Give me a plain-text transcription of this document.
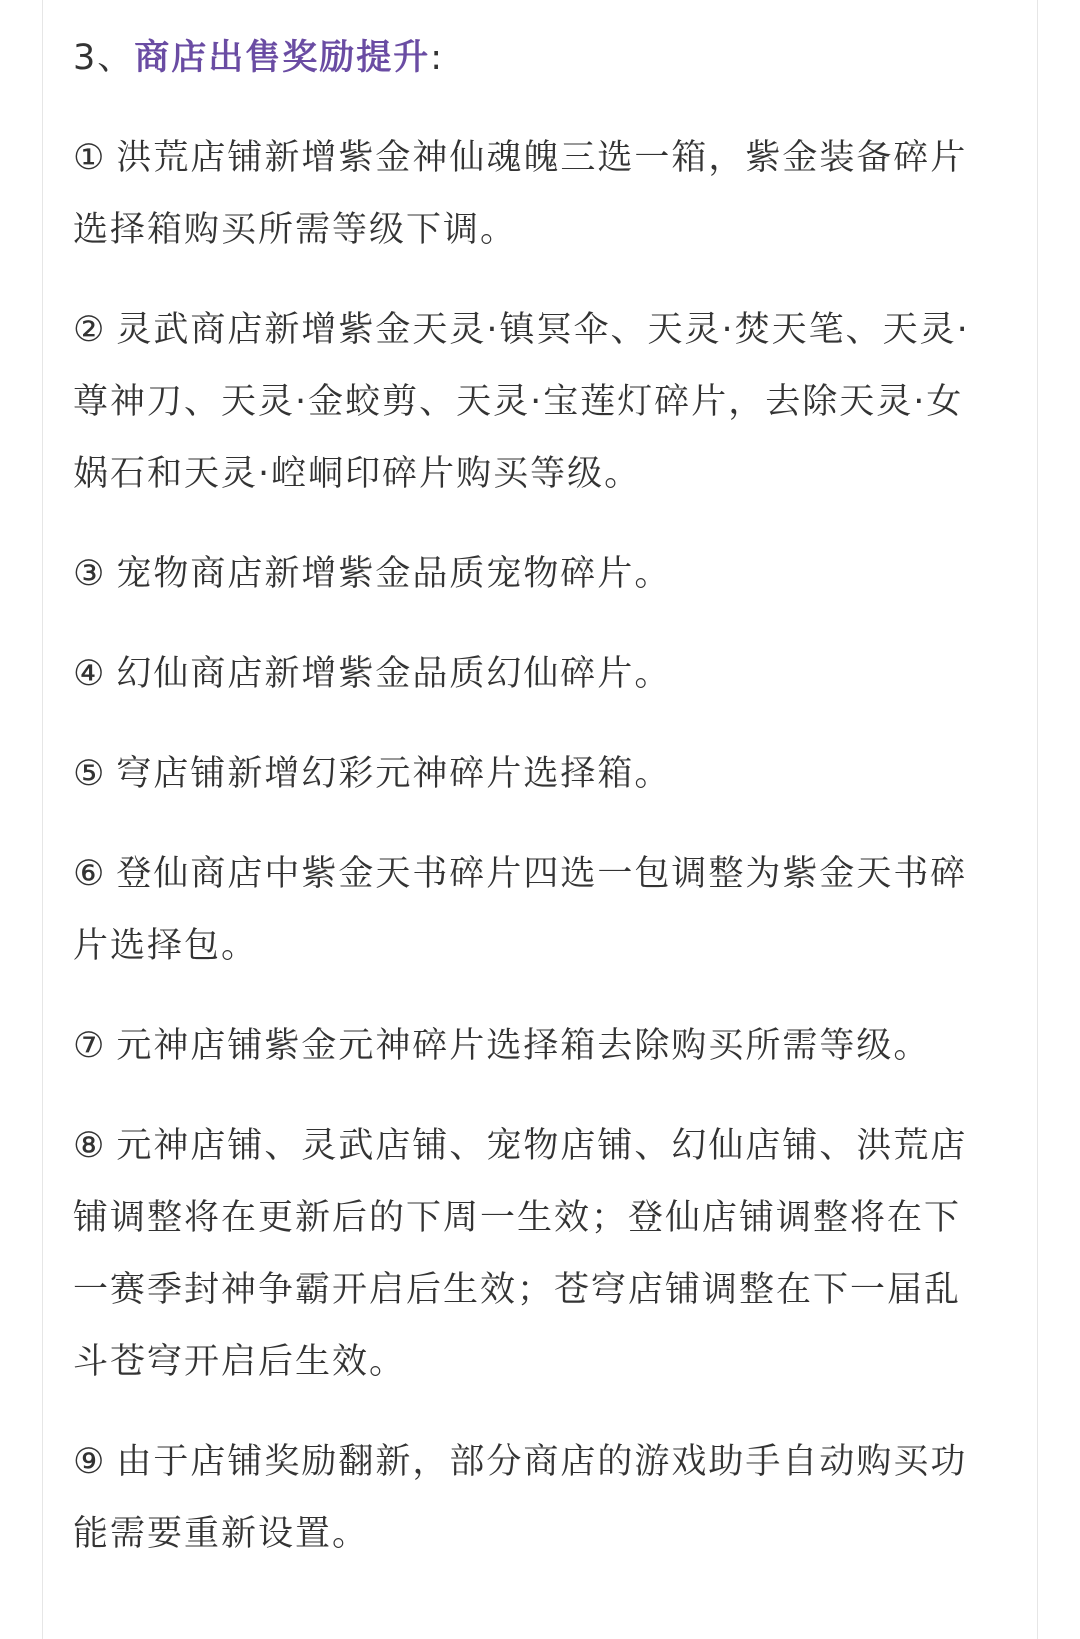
3、商店出售奖励提升:
① 洪荒店铺新增紫金神仙魂魄三选一箱，紫金装备碎片选择箱购买所需等级下调。
② 灵武商店新增紫金天灵·镇冥伞、天灵·焚天笔、天灵·尊神刀、天灵·金蛟剪、天灵·宝莲灯碎片，去除天灵·女娲石和天灵·崆峒印碎片购买等级。
③ 宠物商店新增紫金品质宠物碎片。
④ 幻仙商店新增紫金品质幻仙碎片。
⑤ 穹店铺新增幻彩元神碎片选择箱。
⑥ 登仙商店中紫金天书碎片四选一包调整为紫金天书碎片选择包。
⑦ 元神店铺紫金元神碎片选择箱去除购买所需等级。
⑧ 元神店铺、灵武店铺、宠物店铺、幻仙店铺、洪荒店铺调整将在更新后的下周一生效；登仙店铺调整将在下一赛季封神争霸开启后生效；苍穹店铺调整在下一届乱斗苍穹开启后生效。
⑨ 由于店铺奖励翻新，部分商店的游戏助手自动购买功能需要重新设置。
